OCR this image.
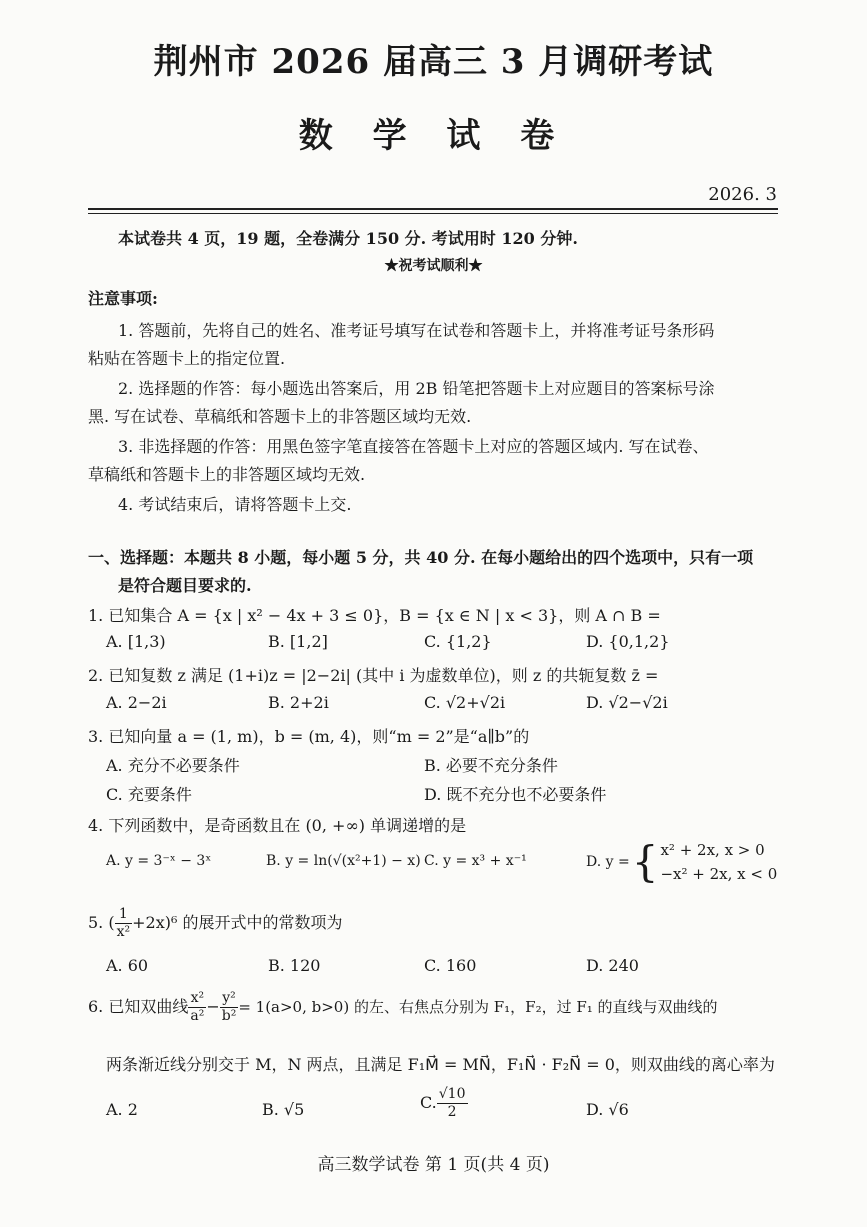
荆州市 2026 届高三 3 月调研考试
数 学 试 卷
2026. 3
本试卷共 4 页，19 题，全卷满分 150 分. 考试用时 120 分钟.
★祝考试顺利★
注意事项:
1. 答题前，先将自己的姓名、准考证号填写在试卷和答题卡上，并将准考证号条形码
粘贴在答题卡上的指定位置.
2. 选择题的作答：每小题选出答案后，用 2B 铅笔把答题卡上对应题目的答案标号涂
黑. 写在试卷、草稿纸和答题卡上的非答题区域均无效.
3. 非选择题的作答：用黑色签字笔直接答在答题卡上对应的答题区域内. 写在试卷、
草稿纸和答题卡上的非答题区域均无效.
4. 考试结束后，请将答题卡上交.
一、选择题：本题共 8 小题，每小题 5 分，共 40 分. 在每小题给出的四个选项中，只有一项
是符合题目要求的.
1. 已知集合 A = {x | x² − 4x + 3 ≤ 0}，B = {x ∈ N | x < 3}，则 A ∩ B =
A. [1,3)	B. [1,2]	C. {1,2}	D. {0,1,2}
2. 已知复数 z 满足 (1+i)z = |2−2i| (其中 i 为虚数单位)，则 z 的共轭复数 z̄ =
A. 2−2i	B. 2+2i	C. √2+√2i	D. √2−√2i
3. 已知向量 a = (1, m)，b = (m, 4)，则“m = 2”是“a∥b”的
A. 充分不必要条件	B. 必要不充分条件
C. 充要条件	D. 既不充分也不必要条件
4. 下列函数中，是奇函数且在 (0, +∞) 单调递增的是
A. y = 3⁻ˣ − 3ˣ	B. y = ln(√(x²+1) − x) C. y = x³ + x⁻¹	D. y = { x² + 2x, x > 0
−x² + 2x, x < 0
5. ( $\frac{1}{\text{x²}} +2x)^6$ 的展开式中的常数项为
A. 60	B. 120	C. 160	D. 240
6. 已知双曲线 $\frac{\text{x²}}{\text{a²}} - \frac{\text{y²}}{\text{b²}} = 1(a>0$, b>0) 的左、右焦点分别为 F₁，F₂，过 F₁ 的直线与双曲线的
两条渐近线分别交于 M，N 两点，且满足 F₁M⃗ = MN⃗，F₁N⃗ · F₂N⃗ = 0，则双曲线的离心率为
A. 2	B. √5	C. $\frac{√10}{2}$	D. √6
高三数学试卷 第 1 页(共 4 页)
